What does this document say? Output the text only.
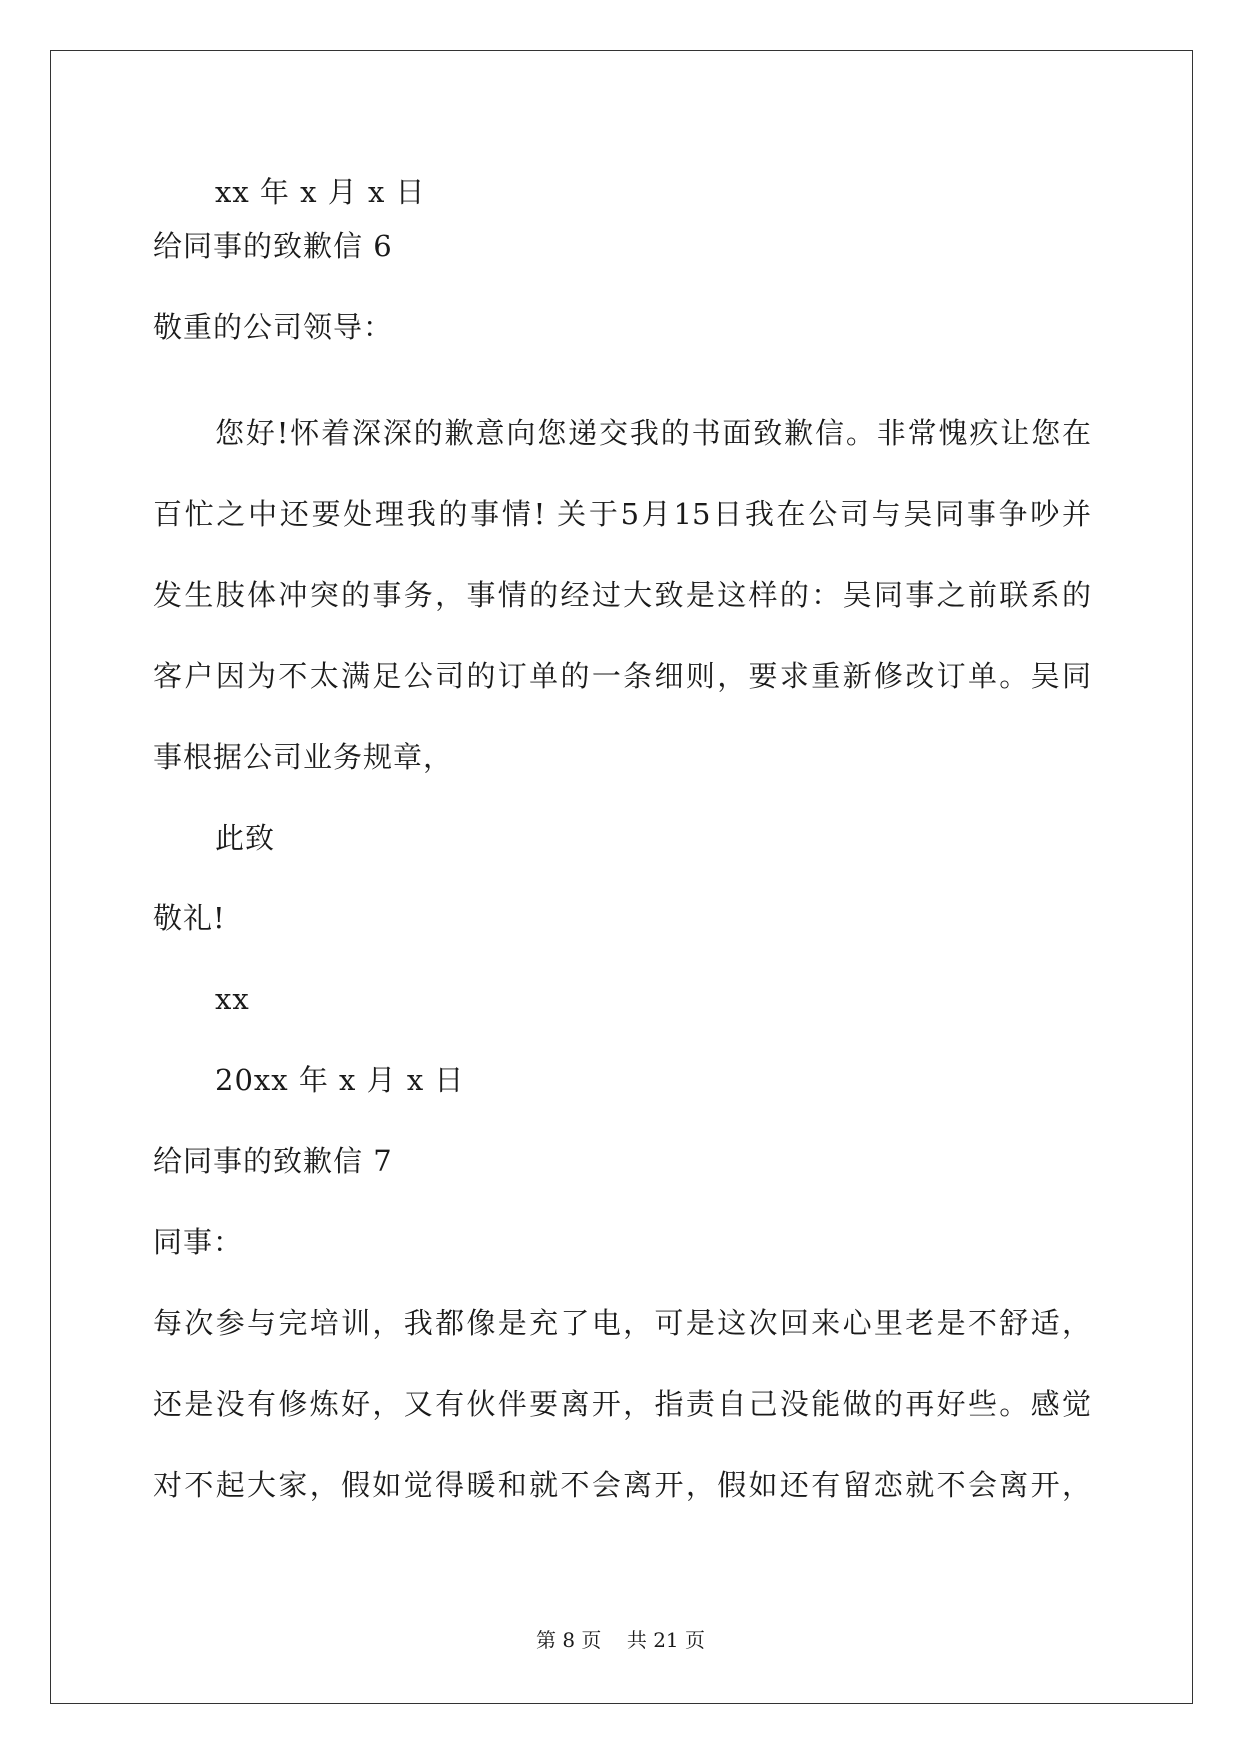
xx 年 x 月 x 日
给同事的致歉信 6
敬重的公司领导：
您好!怀着深深的歉意向您递交我的书面致歉信。非常愧疚让您在
百忙之中还要处理我的事情! 关于5月15日我在公司与吴同事争吵并
发生肢体冲突的事务，事情的经过大致是这样的：吴同事之前联系的
客户因为不太满足公司的订单的一条细则，要求重新修改订单。吴同
事根据公司业务规章，
此致
敬礼!
xx
20xx 年 x 月 x 日
给同事的致歉信 7
同事：
每次参与完培训，我都像是充了电，可是这次回来心里老是不舒适，
还是没有修炼好，又有伙伴要离开，指责自己没能做的再好些。感觉
对不起大家，假如觉得暖和就不会离开，假如还有留恋就不会离开，
第 8 页    共 21 页
